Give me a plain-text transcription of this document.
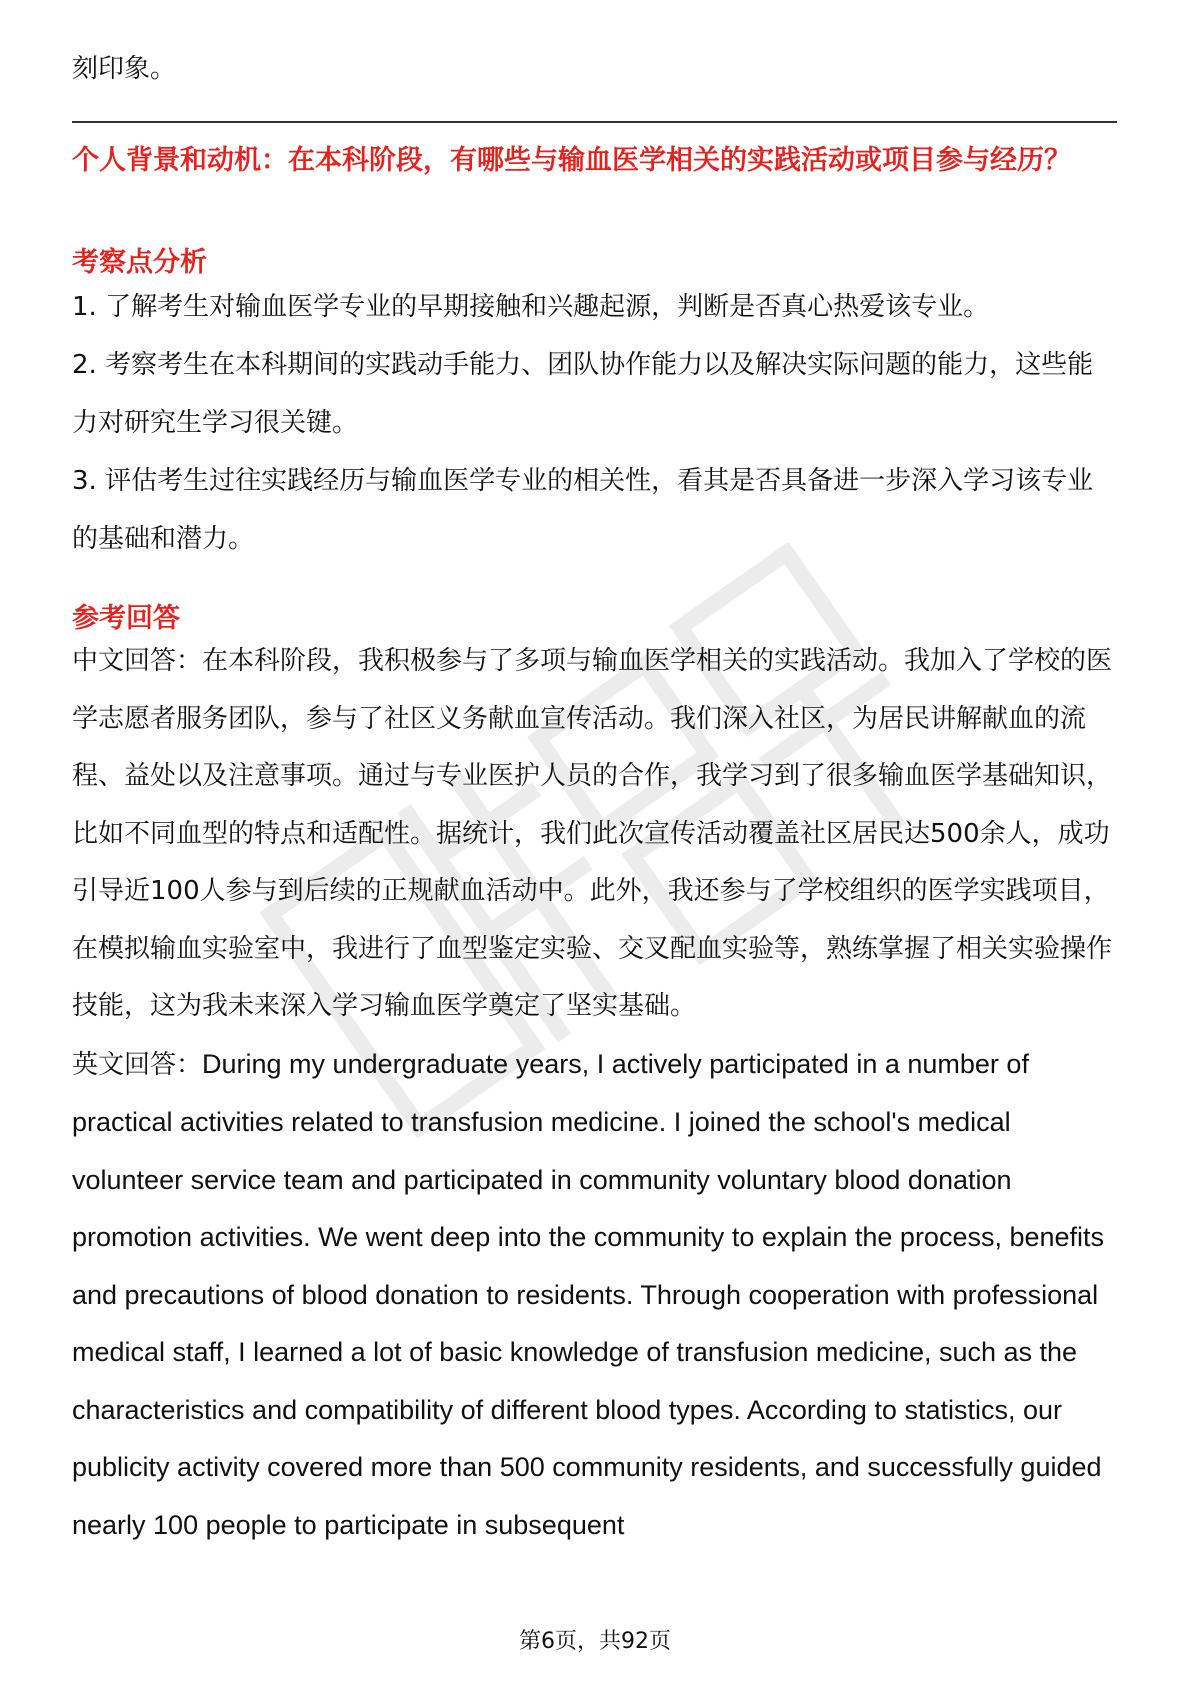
刻印象。

个人背景和动机：在本科阶段，有哪些与输血医学相关的实践活动或项目参与经历？

考察点分析

1. 了解考生对输血医学专业的早期接触和兴趣起源，判断是否真心热爱该专业。

2. 考察考生在本科期间的实践动手能力、团队协作能力以及解决实际问题的能力，这些能力对研究生学习很关键。

3. 评估考生过往实践经历与输血医学专业的相关性，看其是否具备进一步深入学习该专业的基础和潜力。

参考回答

中文回答：在本科阶段，我积极参与了多项与输血医学相关的实践活动。我加入了学校的医学志愿者服务团队，参与了社区义务献血宣传活动。我们深入社区，为居民讲解献血的流程、益处以及注意事项。通过与专业医护人员的合作，我学习到了很多输血医学基础知识，比如不同血型的特点和适配性。据统计，我们此次宣传活动覆盖社区居民达500余人，成功引导近100人参与到后续的正规献血活动中。此外，我还参与了学校组织的医学实践项目，在模拟输血实验室中，我进行了血型鉴定实验、交叉配血实验等，熟练掌握了相关实验操作技能，这为我未来深入学习输血医学奠定了坚实基础。

英文回答：During my undergraduate years, I actively participated in a number of practical activities related to transfusion medicine. I joined the school's medical volunteer service team and participated in community voluntary blood donation promotion activities. We went deep into the community to explain the process, benefits and precautions of blood donation to residents. Through cooperation with professional medical staff, I learned a lot of basic knowledge of transfusion medicine, such as the characteristics and compatibility of different blood types. According to statistics, our publicity activity covered more than 500 community residents, and successfully guided nearly 100 people to participate in subsequent

第6页，共92页
